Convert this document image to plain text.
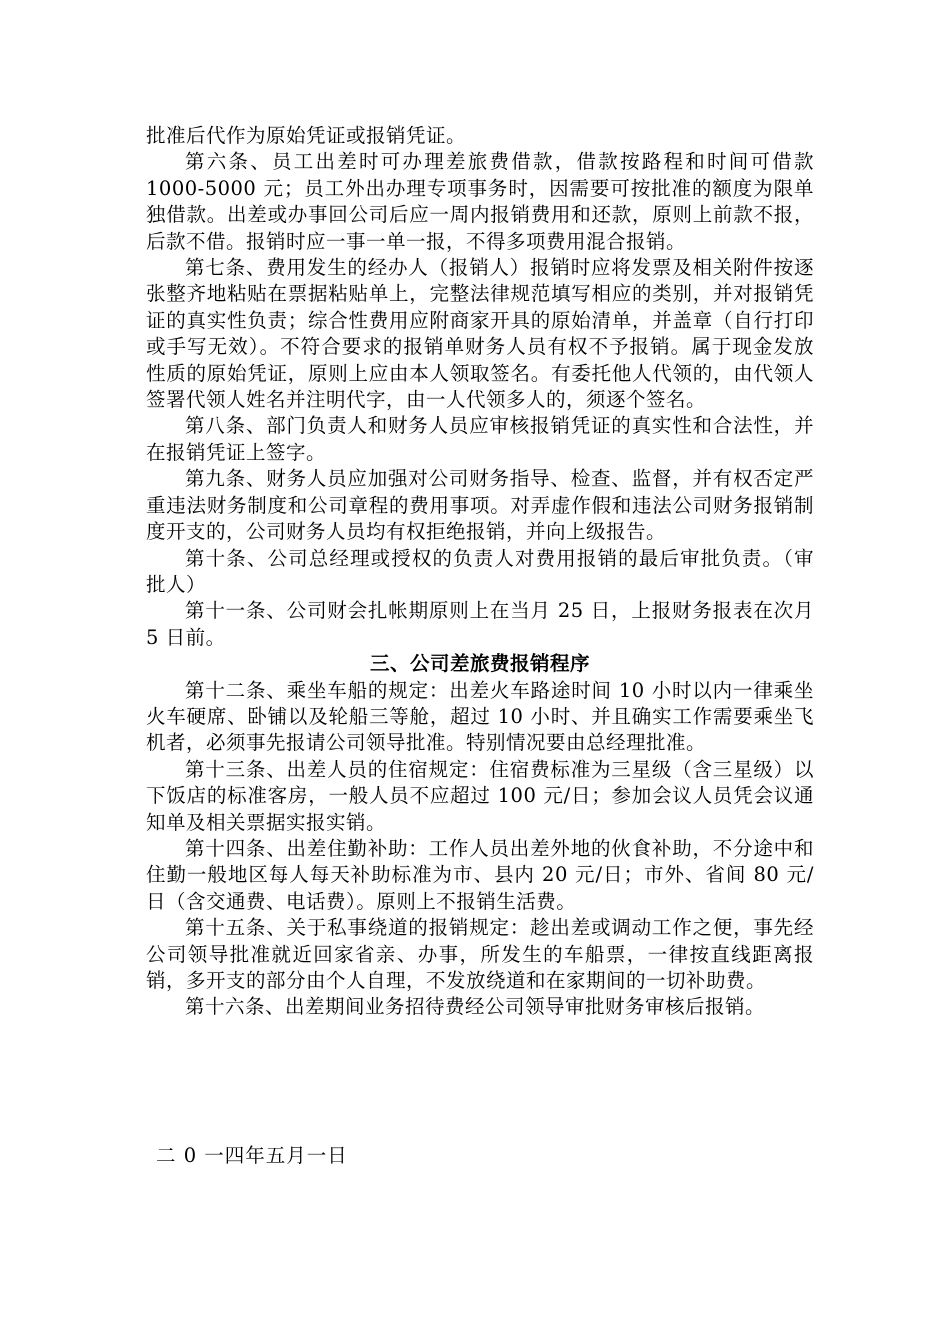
批准后代作为原始凭证或报销凭证。

第六条、员工出差时可办理差旅费借款，借款按路程和时间可借款 1000-5000 元；员工外出办理专项事务时，因需要可按批准的额度为限单独借款。出差或办事回公司后应一周内报销费用和还款，原则上前款不报，后款不借。报销时应一事一单一报，不得多项费用混合报销。

第七条、费用发生的经办人（报销人）报销时应将发票及相关附件按逐张整齐地粘贴在票据粘贴单上，完整法律规范填写相应的类别，并对报销凭证的真实性负责；综合性费用应附商家开具的原始清单，并盖章（自行打印或手写无效）。不符合要求的报销单财务人员有权不予报销。属于现金发放性质的原始凭证，原则上应由本人领取签名。有委托他人代领的，由代领人签署代领人姓名并注明代字，由一人代领多人的，须逐个签名。

第八条、部门负责人和财务人员应审核报销凭证的真实性和合法性，并在报销凭证上签字。

第九条、财务人员应加强对公司财务指导、检查、监督，并有权否定严重违法财务制度和公司章程的费用事项。对弄虚作假和违法公司财务报销制度开支的，公司财务人员均有权拒绝报销，并向上级报告。

第十条、公司总经理或授权的负责人对费用报销的最后审批负责。（审批人）

第十一条、公司财会扎帐期原则上在当月 25 日，上报财务报表在次月 5 日前。

三、公司差旅费报销程序

第十二条、乘坐车船的规定：出差火车路途时间 10 小时以内一律乘坐火车硬席、卧铺以及轮船三等舱，超过 10 小时、并且确实工作需要乘坐飞机者，必须事先报请公司领导批准。特别情况要由总经理批准。

第十三条、出差人员的住宿规定：住宿费标准为三星级（含三星级）以下饭店的标准客房，一般人员不应超过 100 元/日；参加会议人员凭会议通知单及相关票据实报实销。

第十四条、出差住勤补助：工作人员出差外地的伙食补助，不分途中和住勤一般地区每人每天补助标准为市、县内 20 元/日；市外、省间 80 元/日（含交通费、电话费）。原则上不报销生活费。

第十五条、关于私事绕道的报销规定：趁出差或调动工作之便，事先经公司领导批准就近回家省亲、办事，所发生的车船票，一律按直线距离报销，多开支的部分由个人自理，不发放绕道和在家期间的一切补助费。

第十六条、出差期间业务招待费经公司领导审批财务审核后报销。

二 0 一四年五月一日
